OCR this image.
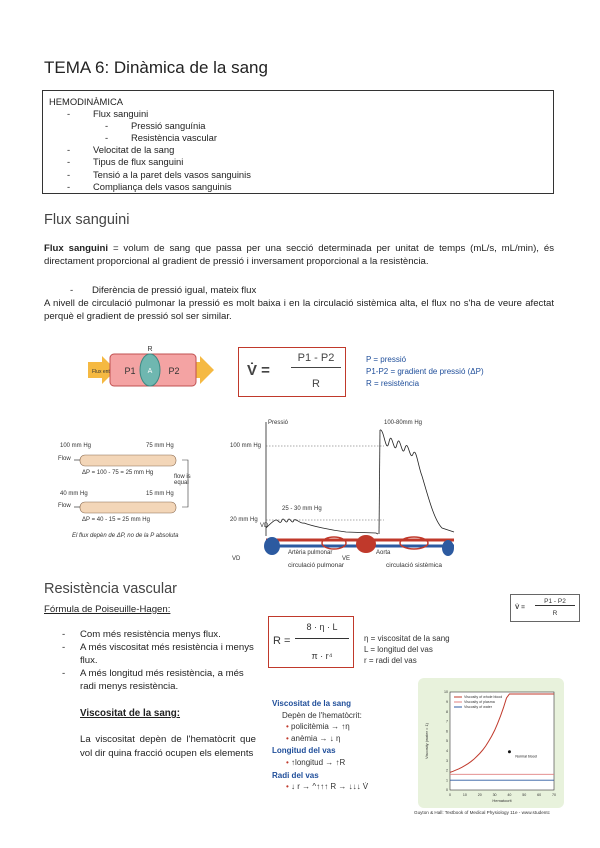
TEMA 6: Dinàmica de la sang
HEMODINÀMICA
- Flux sanguini
- Pressió sanguínia
- Resistència vascular
- Velocitat de la sang
- Tipus de flux sanguini
- Tensió a la paret dels vasos sanguinis
- Compliança dels vasos sanguinis
Flux sanguini
Flux sanguini = volum de sang que passa per una secció determinada per unitat de temps (mL/s, mL/min), és directament proporcional al gradient de pressió i inversament proporcional a la resistència.
- Diferència de pressió igual, mateix flux
A nivell de circulació pulmonar la pressió es molt baixa i en la circulació sistèmica alta, el flux no s'ha de veure afectat perquè el gradient de pressió sol ser similar.
R
P1 A P2
Flux ent	V̇ =
P1 - P2
R
P = pressió
P1-P2 = gradient de pressió (ΔP)
R = resistència
100 mm Hg	75 mm Hg
Flow
ΔP = 100 - 75 = 25 mm Hg
40 mm Hg	15 mm Hg
Flow
ΔP = 40 - 15 = 25 mm Hg
flow is equal
El flux depèn de ΔP, no de la P absoluta
Pressió
100 mm Hg
20 mm Hg
100-80mm Hg
25 - 30 mm Hg
VD
Artèria pulmonar	Aorta
VD	VE
circulació pulmonar	circulació sistèmica
Resistència vascular
V̇ =
P1 - P2
R
Fórmula de Poiseuille-Hagen:
-	Com més resistència menys flux.
-	A més viscositat més resistència i menys flux.
-	A més longitud més resistència, a més radi menys resistència.
Viscositat de la sang:
La viscositat depèn de l'hematòcrit que vol dir quina fracció ocupen els elements
R =
8 · η · L
π · r⁴
η = viscositat de la sang
L = longitud del vas
r = radi del vas
Viscositat de la sang
Depèn de l'hematòcrit:
• policitèmia → ↑η
• anèmia → ↓ η
Longitud del vas
• ↑longitud → ↑R
Radi del vas
• ↓ r → ^↑↑↑ R → ↓↓↓ V̇
0	10	20	30	40	50	60	70
0
1
2
3
4
5
6
7
8
9
10
Normal blood
Viscosity of whole blood
Viscosity of plasma
Viscosity of water
Hematocrit
Viscosity (water = 1)
Guyton & Hall: Textbook of Medical Physiology 11e - www.studentc
